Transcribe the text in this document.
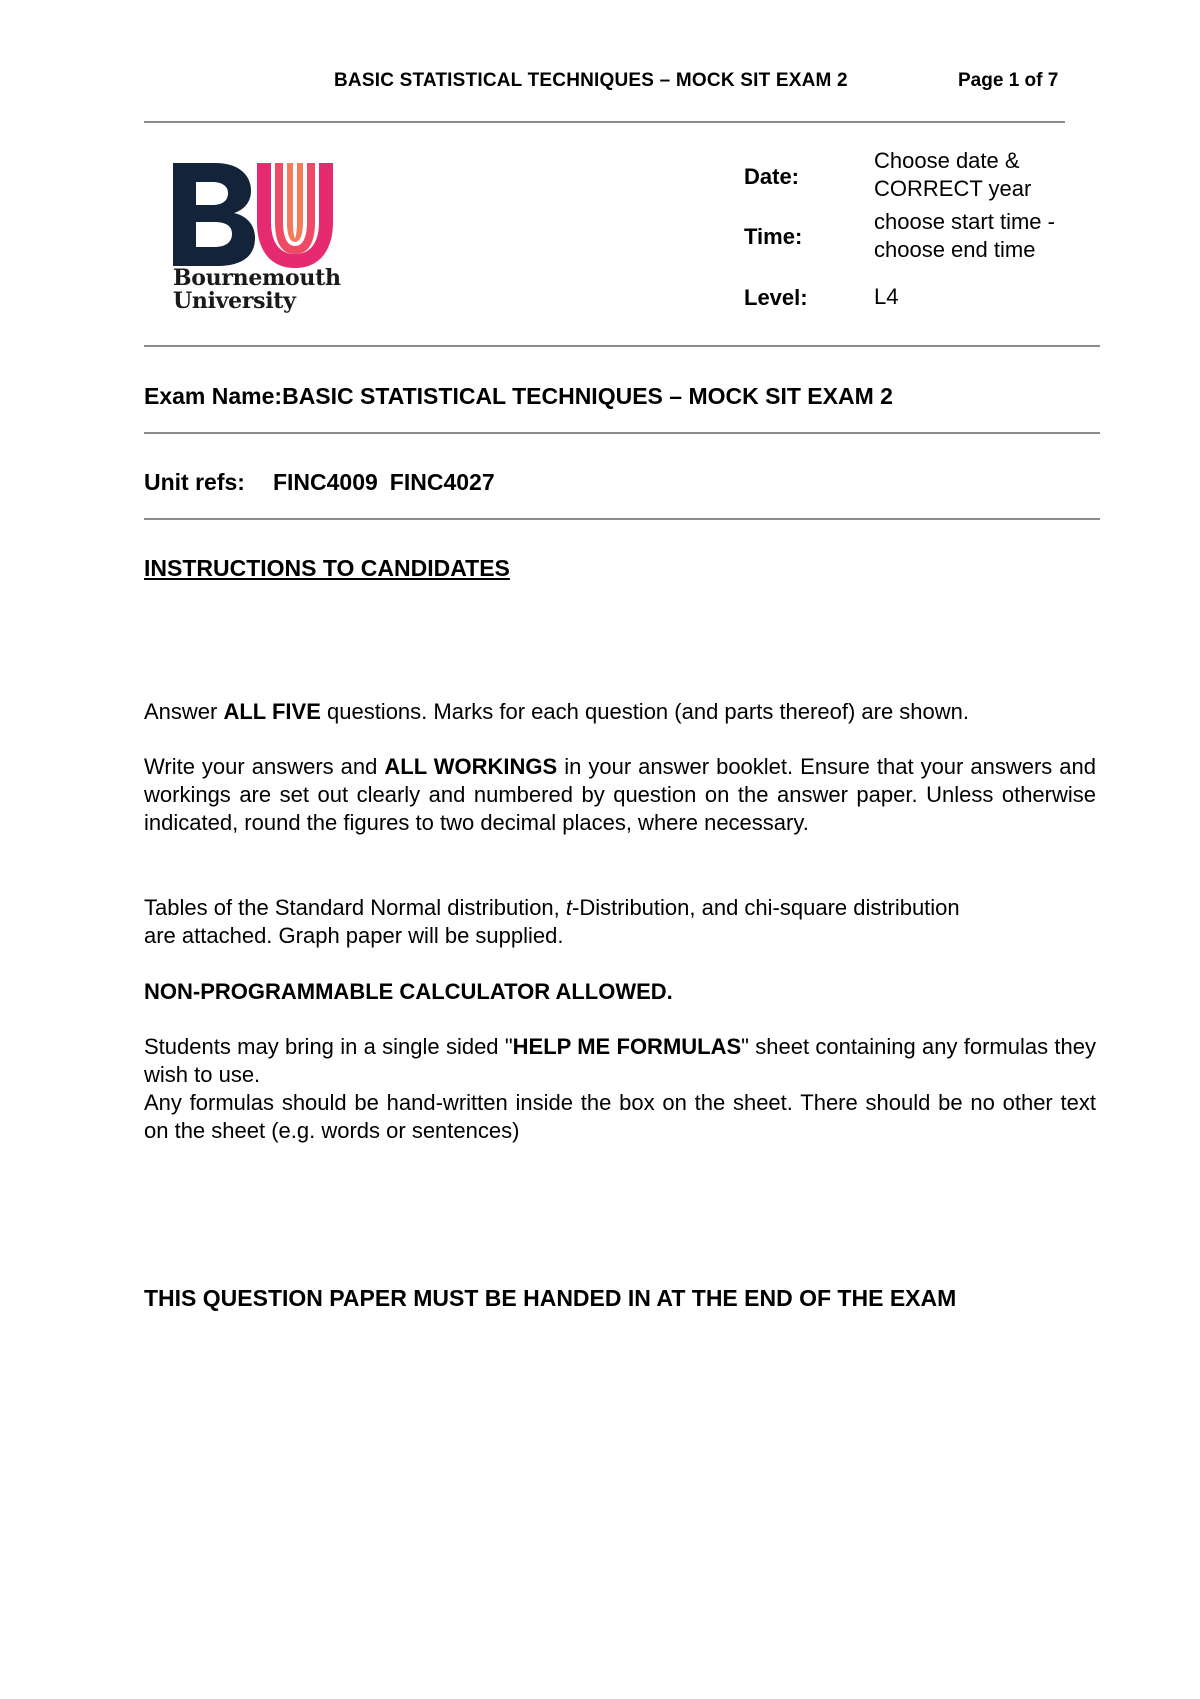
BASIC STATISTICAL TECHNIQUES – MOCK SIT EXAM 2	Page 1 of 7
Bournemouth
University
Date:
Choose date & CORRECT year
Time:
choose start time - choose end time
Level:	L4
Exam Name:BASIC STATISTICAL TECHNIQUES – MOCK SIT EXAM 2
Unit refs: FINC4009 FINC4027
INSTRUCTIONS TO CANDIDATES
Answer ALL FIVE questions. Marks for each question (and parts thereof) are shown.
Write your answers and ALL WORKINGS in your answer booklet. Ensure that your answers and workings are set out clearly and numbered by question on the answer paper. Unless otherwise indicated, round the figures to two decimal places, where necessary.
Tables of the Standard Normal distribution, t-Distribution, and chi-square distribution
are attached. Graph paper will be supplied.
NON-PROGRAMMABLE CALCULATOR ALLOWED.
Students may bring in a single sided "HELP ME FORMULAS" sheet containing any formulas they wish to use.
Any formulas should be hand-written inside the box on the sheet. There should be no other text on the sheet (e.g. words or sentences)
THIS QUESTION PAPER MUST BE HANDED IN AT THE END OF THE EXAM
